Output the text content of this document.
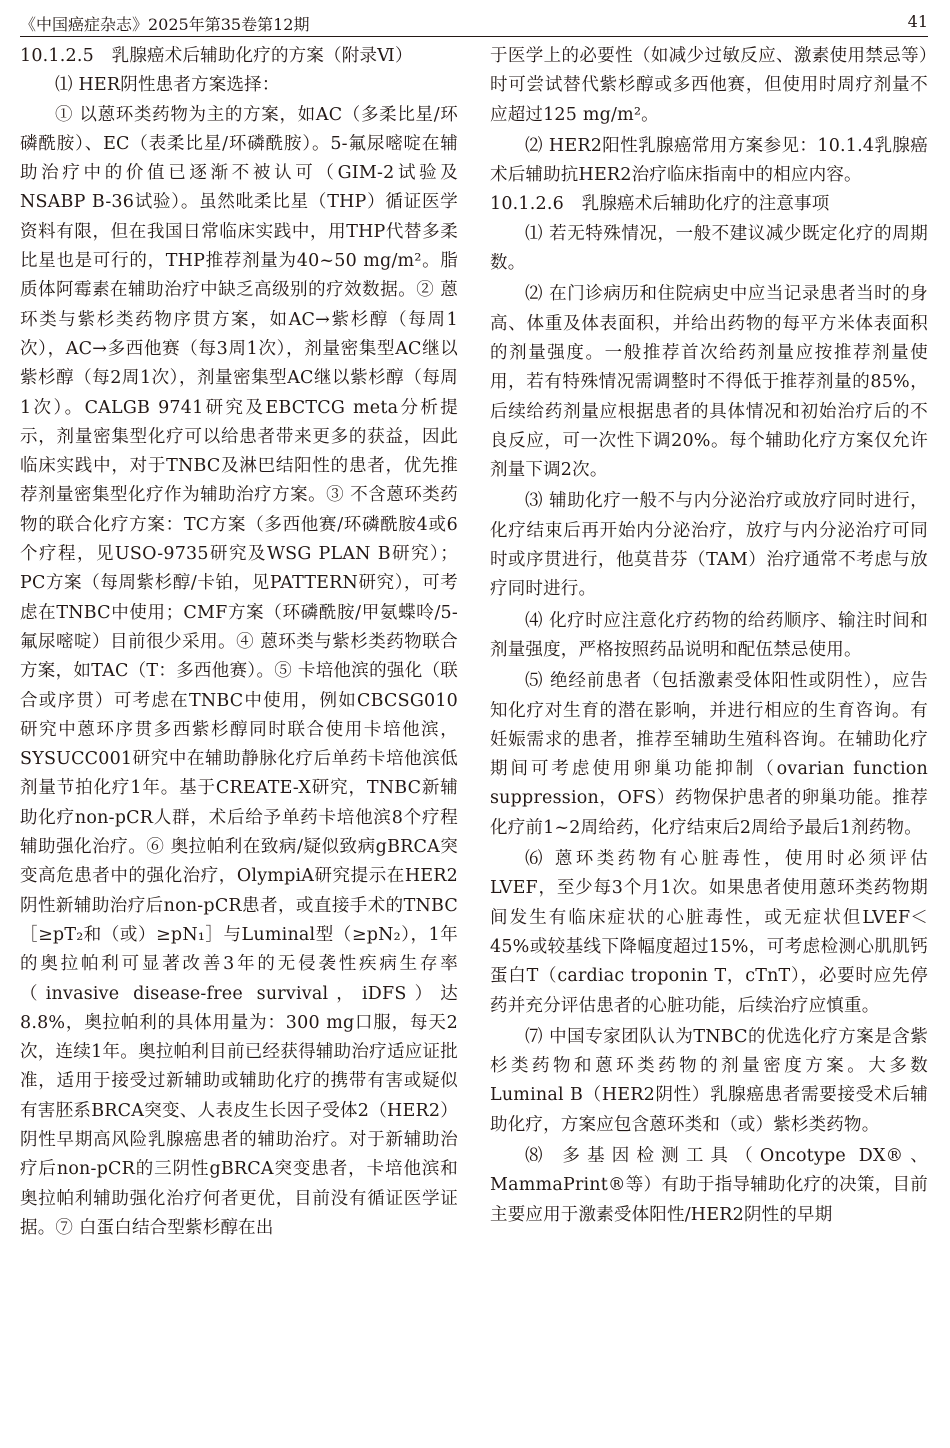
《中国癌症杂志》2025年第35卷第12期	41

10.1.2.5　乳腺癌术后辅助化疗的方案（附录Ⅵ）

⑴ HER阴性患者方案选择：

① 以蒽环类药物为主的方案，如AC（多柔比星/环磷酰胺）、EC（表柔比星/环磷酰胺）。5-氟尿嘧啶在辅助治疗中的价值已逐渐不被认可（GIM-2试验及NSABP B-36试验）。虽然吡柔比星（THP）循证医学资料有限，但在我国日常临床实践中，用THP代替多柔比星也是可行的，THP推荐剂量为40~50 mg/m²。脂质体阿霉素在辅助治疗中缺乏高级别的疗效数据。② 蒽环类与紫杉类药物序贯方案，如AC→紫杉醇（每周1次），AC→多西他赛（每3周1次），剂量密集型AC继以紫杉醇（每2周1次），剂量密集型AC继以紫杉醇（每周1次）。CALGB 9741研究及EBCTCG meta分析提示，剂量密集型化疗可以给患者带来更多的获益，因此临床实践中，对于TNBC及淋巴结阳性的患者，优先推荐剂量密集型化疗作为辅助治疗方案。③ 不含蒽环类药物的联合化疗方案：TC方案（多西他赛/环磷酰胺4或6个疗程，见USO-9735研究及WSG PLAN B研究）；PC方案（每周紫杉醇/卡铂，见PATTERN研究），可考虑在TNBC中使用；CMF方案（环磷酰胺/甲氨蝶呤/5-氟尿嘧啶）目前很少采用。④ 蒽环类与紫杉类药物联合方案，如TAC（T：多西他赛）。⑤ 卡培他滨的强化（联合或序贯）可考虑在TNBC中使用，例如CBCSG010研究中蒽环序贯多西紫杉醇同时联合使用卡培他滨，SYSUCC001研究中在辅助静脉化疗后单药卡培他滨低剂量节拍化疗1年。基于CREATE-X研究，TNBC新辅助化疗non-pCR人群，术后给予单药卡培他滨8个疗程辅助强化治疗。⑥ 奥拉帕利在致病/疑似致病gBRCA突变高危患者中的强化治疗，OlympiA研究提示在HER2阴性新辅助治疗后non-pCR患者，或直接手术的TNBC［≥pT₂和（或）≥pN₁］与Luminal型（≥pN₂），1年的奥拉帕利可显著改善3年的无侵袭性疾病生存率（invasive disease-free survival，iDFS）达8.8%，奥拉帕利的具体用量为：300 mg口服，每天2次，连续1年。奥拉帕利目前已经获得辅助治疗适应证批准，适用于接受过新辅助或辅助化疗的携带有害或疑似有害胚系BRCA突变、人表皮生长因子受体2（HER2）阴性早期高风险乳腺癌患者的辅助治疗。对于新辅助治疗后non-pCR的三阴性gBRCA突变患者，卡培他滨和奥拉帕利辅助强化治疗何者更优，目前没有循证医学证据。⑦ 白蛋白结合型紫杉醇在出

于医学上的必要性（如减少过敏反应、激素使用禁忌等）时可尝试替代紫杉醇或多西他赛，但使用时周疗剂量不应超过125 mg/m²。

⑵ HER2阳性乳腺癌常用方案参见：10.1.4乳腺癌术后辅助抗HER2治疗临床指南中的相应内容。

10.1.2.6　乳腺癌术后辅助化疗的注意事项

⑴ 若无特殊情况，一般不建议减少既定化疗的周期数。

⑵ 在门诊病历和住院病史中应当记录患者当时的身高、体重及体表面积，并给出药物的每平方米体表面积的剂量强度。一般推荐首次给药剂量应按推荐剂量使用，若有特殊情况需调整时不得低于推荐剂量的85%，后续给药剂量应根据患者的具体情况和初始治疗后的不良反应，可一次性下调20%。每个辅助化疗方案仅允许剂量下调2次。

⑶ 辅助化疗一般不与内分泌治疗或放疗同时进行，化疗结束后再开始内分泌治疗，放疗与内分泌治疗可同时或序贯进行，他莫昔芬（TAM）治疗通常不考虑与放疗同时进行。

⑷ 化疗时应注意化疗药物的给药顺序、输注时间和剂量强度，严格按照药品说明和配伍禁忌使用。

⑸ 绝经前患者（包括激素受体阳性或阴性），应告知化疗对生育的潜在影响，并进行相应的生育咨询。有妊娠需求的患者，推荐至辅助生殖科咨询。在辅助化疗期间可考虑使用卵巢功能抑制（ovarian function suppression，OFS）药物保护患者的卵巢功能。推荐化疗前1~2周给药，化疗结束后2周给予最后1剂药物。

⑹ 蒽环类药物有心脏毒性，使用时必须评估LVEF，至少每3个月1次。如果患者使用蒽环类药物期间发生有临床症状的心脏毒性，或无症状但LVEF＜45%或较基线下降幅度超过15%，可考虑检测心肌肌钙蛋白T（cardiac troponin T，cTnT），必要时应先停药并充分评估患者的心脏功能，后续治疗应慎重。

⑺ 中国专家团队认为TNBC的优选化疗方案是含紫杉类药物和蒽环类药物的剂量密度方案。大多数Luminal B（HER2阴性）乳腺癌患者需要接受术后辅助化疗，方案应包含蒽环类和（或）紫杉类药物。

⑻ 多基因检测工具（Oncotype DX®、MammaPrint®等）有助于指导辅助化疗的决策，目前主要应用于激素受体阳性/HER2阴性的早期
